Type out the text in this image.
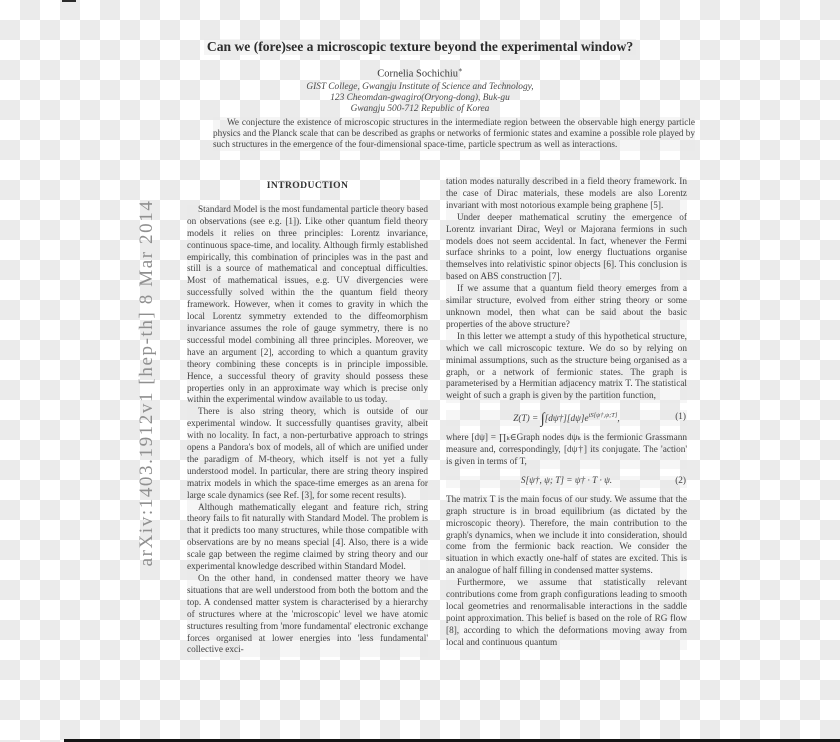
arXiv:1403.1912v1 [hep-th] 8 Mar 2014
Can we (fore)see a microscopic texture beyond the experimental window?
Cornelia Sochichiu∗
GIST College, Gwangju Institute of Science and Technology,
123 Cheomdan-gwagiro(Oryong-dong), Buk-gu
Gwangju 500-712 Republic of Korea
We conjecture the existence of microscopic structures in the intermediate region between the observable high energy particle physics and the Planck scale that can be described as graphs or networks of fermionic states and examine a possible role played by such structures in the emergence of the four-dimensional space-time, particle spectrum as well as interactions.
INTRODUCTION

Standard Model is the most fundamental particle theory based on observations (see e.g. [1]). Like other quantum field theory models it relies on three principles: Lorentz invariance, continuous space-time, and locality. Although firmly established empirically, this combination of principles was in the past and still is a source of mathematical and conceptual difficulties. Most of mathematical issues, e.g. UV divergencies were successfully solved within the the quantum field theory framework. However, when it comes to gravity in which the local Lorentz symmetry extended to the diffeomorphism invariance assumes the role of gauge symmetry, there is no successful model combining all three principles. Moreover, we have an argument [2], according to which a quantum gravity theory combining these concepts is in principle impossible. Hence, a successful theory of gravity should possess these properties only in an approximate way which is precise only within the experimental window available to us today.

There is also string theory, which is outside of our experimental window. It successfully quantises gravity, albeit with no locality. In fact, a non-perturbative approach to strings opens a Pandora's box of models, all of which are unified under the paradigm of M-theory, which itself is not yet a fully understood model. In particular, there are string theory inspired matrix models in which the space-time emerges as an arena for large scale dynamics (see Ref. [3], for some recent results).

Although mathematically elegant and feature rich, string theory fails to fit naturally with Standard Model. The problem is that it predicts too many structures, while those compatible with observations are by no means special [4]. Also, there is a wide scale gap between the regime claimed by string theory and our experimental knowledge described within Standard Model.

On the other hand, in condensed matter theory we have situations that are well understood from both the bottom and the top. A condensed matter system is characterised by a hierarchy of structures where at the 'microscopic' level we have atomic structures resulting from 'more fundamental' electronic exchange forces organised at lower energies into 'less fundamental' collective exci-

tation modes naturally described in a field theory framework. In the case of Dirac materials, these models are also Lorentz invariant with most notorious example being graphene [5].

Under deeper mathematical scrutiny the emergence of Lorentz invariant Dirac, Weyl or Majorana fermions in such models does not seem accidental. In fact, whenever the Fermi surface shrinks to a point, low energy fluctuations organise themselves into relativistic spinor objects [6]. This conclusion is based on ABS construction [7].

If we assume that a quantum field theory emerges from a similar structure, evolved from either string theory or some unknown model, then what can be said about the basic properties of the above structure?

In this letter we attempt a study of this hypothetical structure, which we call microscopic texture. We do so by relying on minimal assumptions, such as the structure being organised as a graph, or a network of fermionic states. The graph is parameterised by a Hermitian adjacency matrix T. The statistical weight of such a graph is given by the partition function,

$Z(T) = \int[d\psi\dagger][d\psi]e^{iS[\psi\dagger,\psi;T]}$,	(1)

where [dψ] = ∏ₖ∈Graph nodes dψₖ is the fermionic Grassmann measure and, correspondingly, [dψ†] its conjugate. The 'action' is given in terms of T,

S[ψ†, ψ; T] = ψ† · T · ψ.	(2)

The matrix T is the main focus of our study. We assume that the graph structure is in broad equilibrium (as dictated by the microscopic theory). Therefore, the main contribution to the graph's dynamics, when we include it into consideration, should come from the fermionic back reaction. We consider the situation in which exactly one-half of states are excited. This is an analogue of half filling in condensed matter systems.

Furthermore, we assume that statistically relevant contributions come from graph configurations leading to smooth local geometries and renormalisable interactions in the saddle point approximation. This belief is based on the role of RG flow [8], according to which the deformations moving away from local and continuous quantum
